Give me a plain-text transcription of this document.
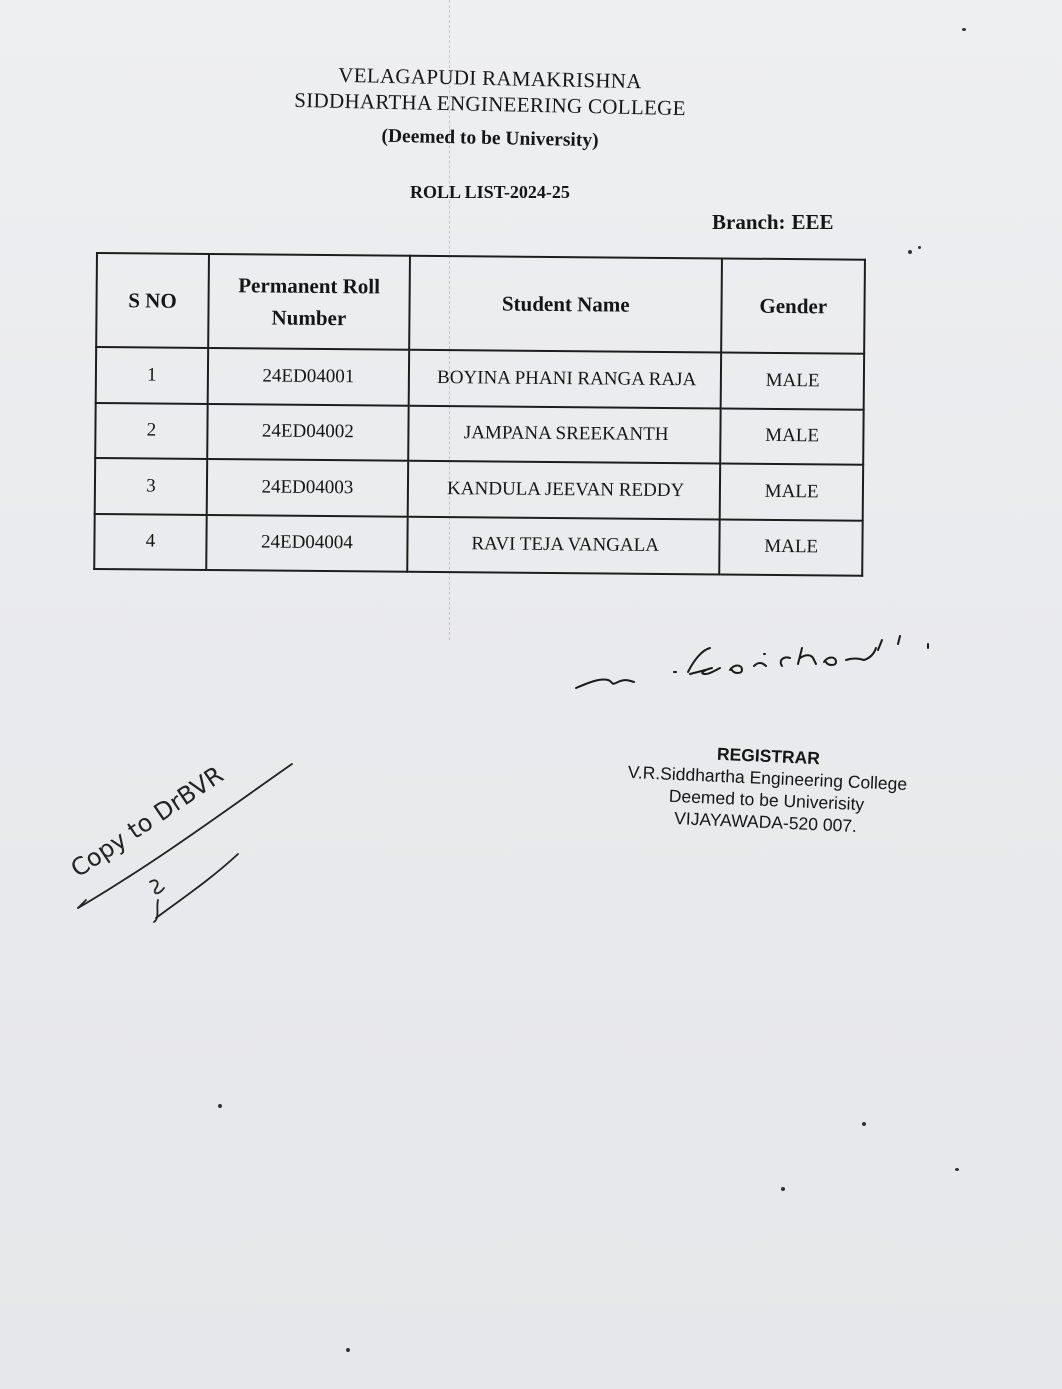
VELAGAPUDI RAMAKRISHNA
SIDDHARTHA ENGINEERING COLLEGE
(Deemed to be University)
ROLL LIST-2024-25
Branch: EEE
S NO	Permanent Roll Number	Student Name	Gender
1	24ED04001	BOYINA PHANI RANGA RAJA	MALE
2	24ED04002	JAMPANA SREEKANTH	MALE
3	24ED04003	KANDULA JEEVAN REDDY	MALE
4	24ED04004	RAVI TEJA VANGALA	MALE
REGISTRAR
V.R.Siddhartha Engineering College
Deemed to be Univerisity
VIJAYAWADA-520 007.
Copy to DrBVR
